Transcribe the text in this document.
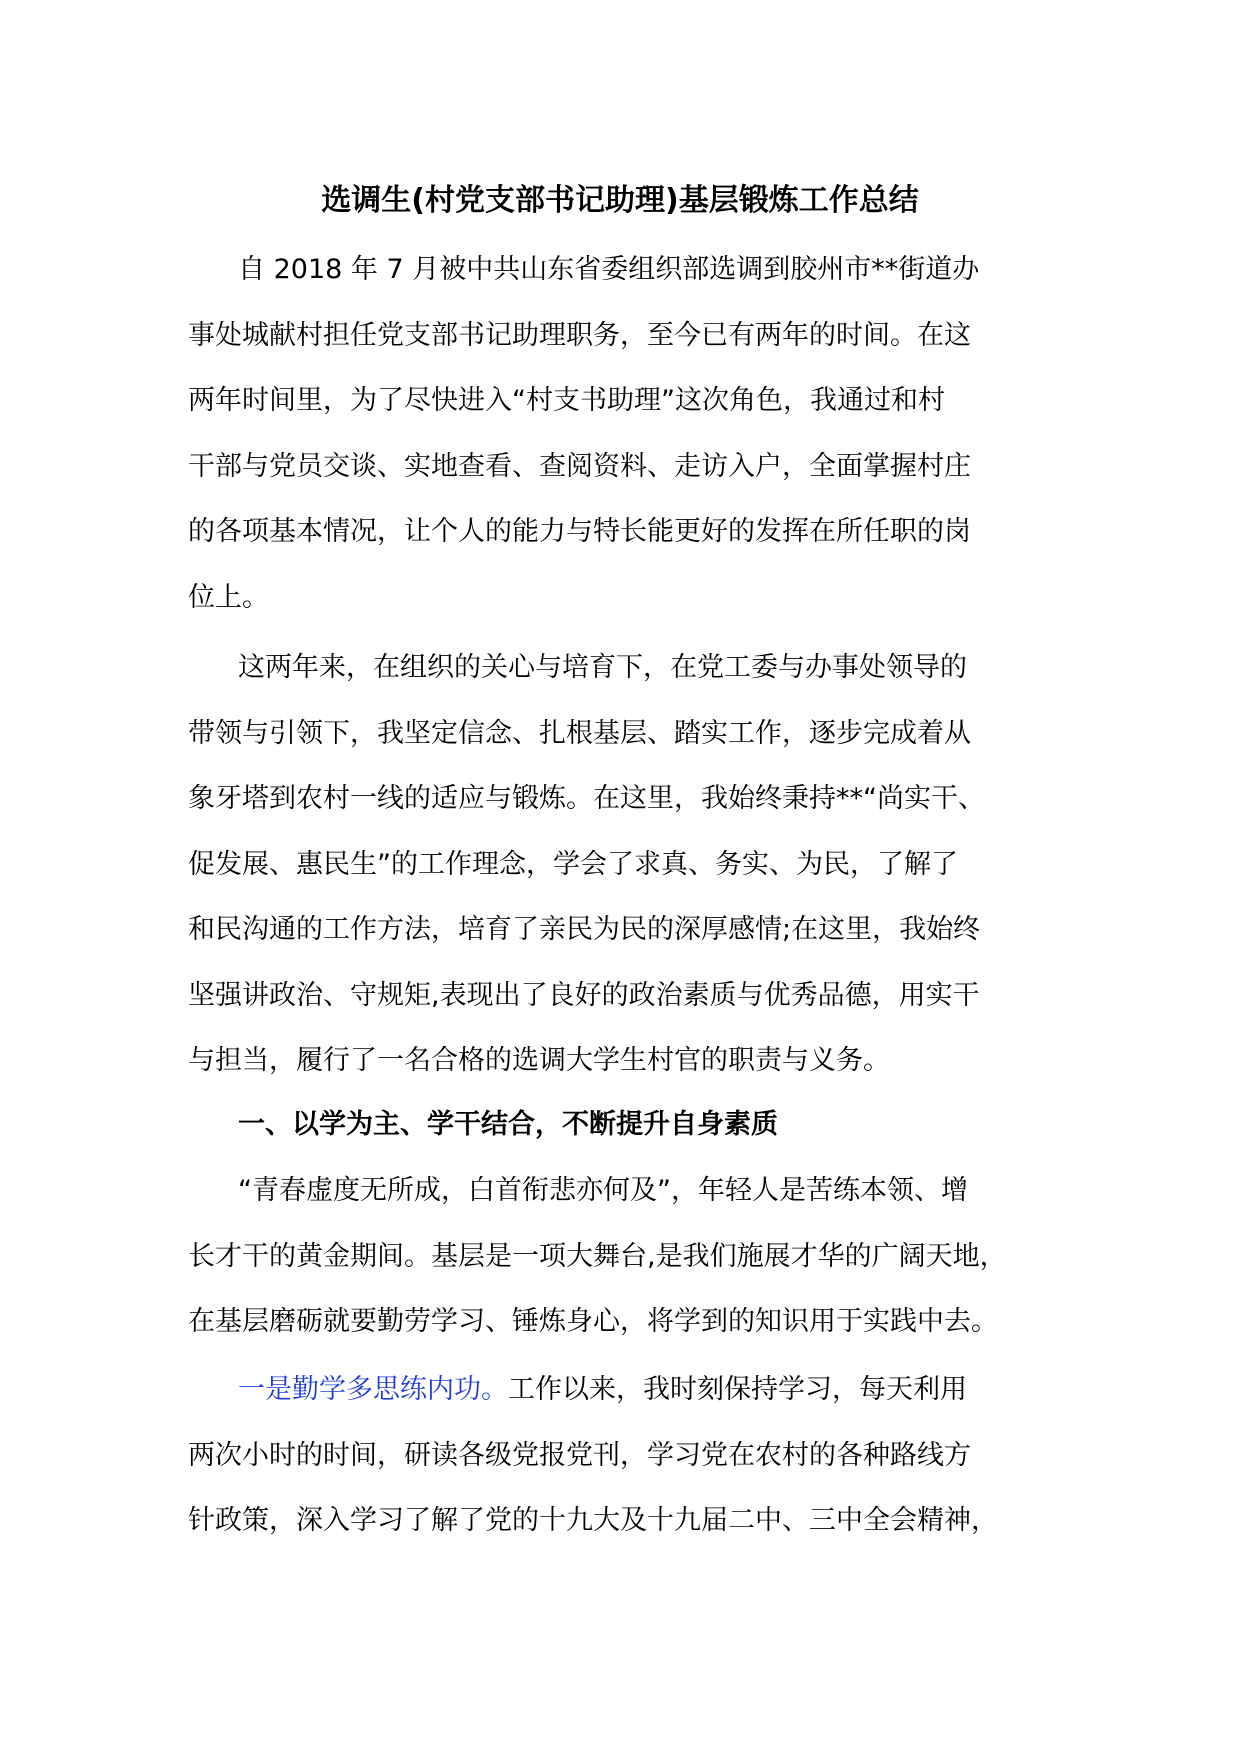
选调生(村党支部书记助理)基层锻炼工作总结
自 2018 年 7 月被中共山东省委组织部选调到胶州市**街道办
事处城献村担任党支部书记助理职务，至今已有两年的时间。在这
两年时间里，为了尽快进入“村支书助理”这次角色，我通过和村
干部与党员交谈、实地查看、查阅资料、走访入户，全面掌握村庄
的各项基本情况，让个人的能力与特长能更好的发挥在所任职的岗
位上。
这两年来，在组织的关心与培育下，在党工委与办事处领导的
带领与引领下，我坚定信念、扎根基层、踏实工作，逐步完成着从
象牙塔到农村一线的适应与锻炼。在这里，我始终秉持**“尚实干、
促发展、惠民生”的工作理念，学会了求真、务实、为民，了解了
和民沟通的工作方法，培育了亲民为民的深厚感情;在这里，我始终
坚强讲政治、守规矩,表现出了良好的政治素质与优秀品德，用实干
与担当，履行了一名合格的选调大学生村官的职责与义务。
一、以学为主、学干结合，不断提升自身素质
“青春虚度无所成，白首衔悲亦何及”，年轻人是苦练本领、增
长才干的黄金期间。基层是一项大舞台,是我们施展才华的广阔天地，
在基层磨砺就要勤劳学习、锤炼身心，将学到的知识用于实践中去。
一是勤学多思练内功。工作以来，我时刻保持学习，每天利用
两次小时的时间，研读各级党报党刊，学习党在农村的各种路线方
针政策，深入学习了解了党的十九大及十九届二中、三中全会精神，
